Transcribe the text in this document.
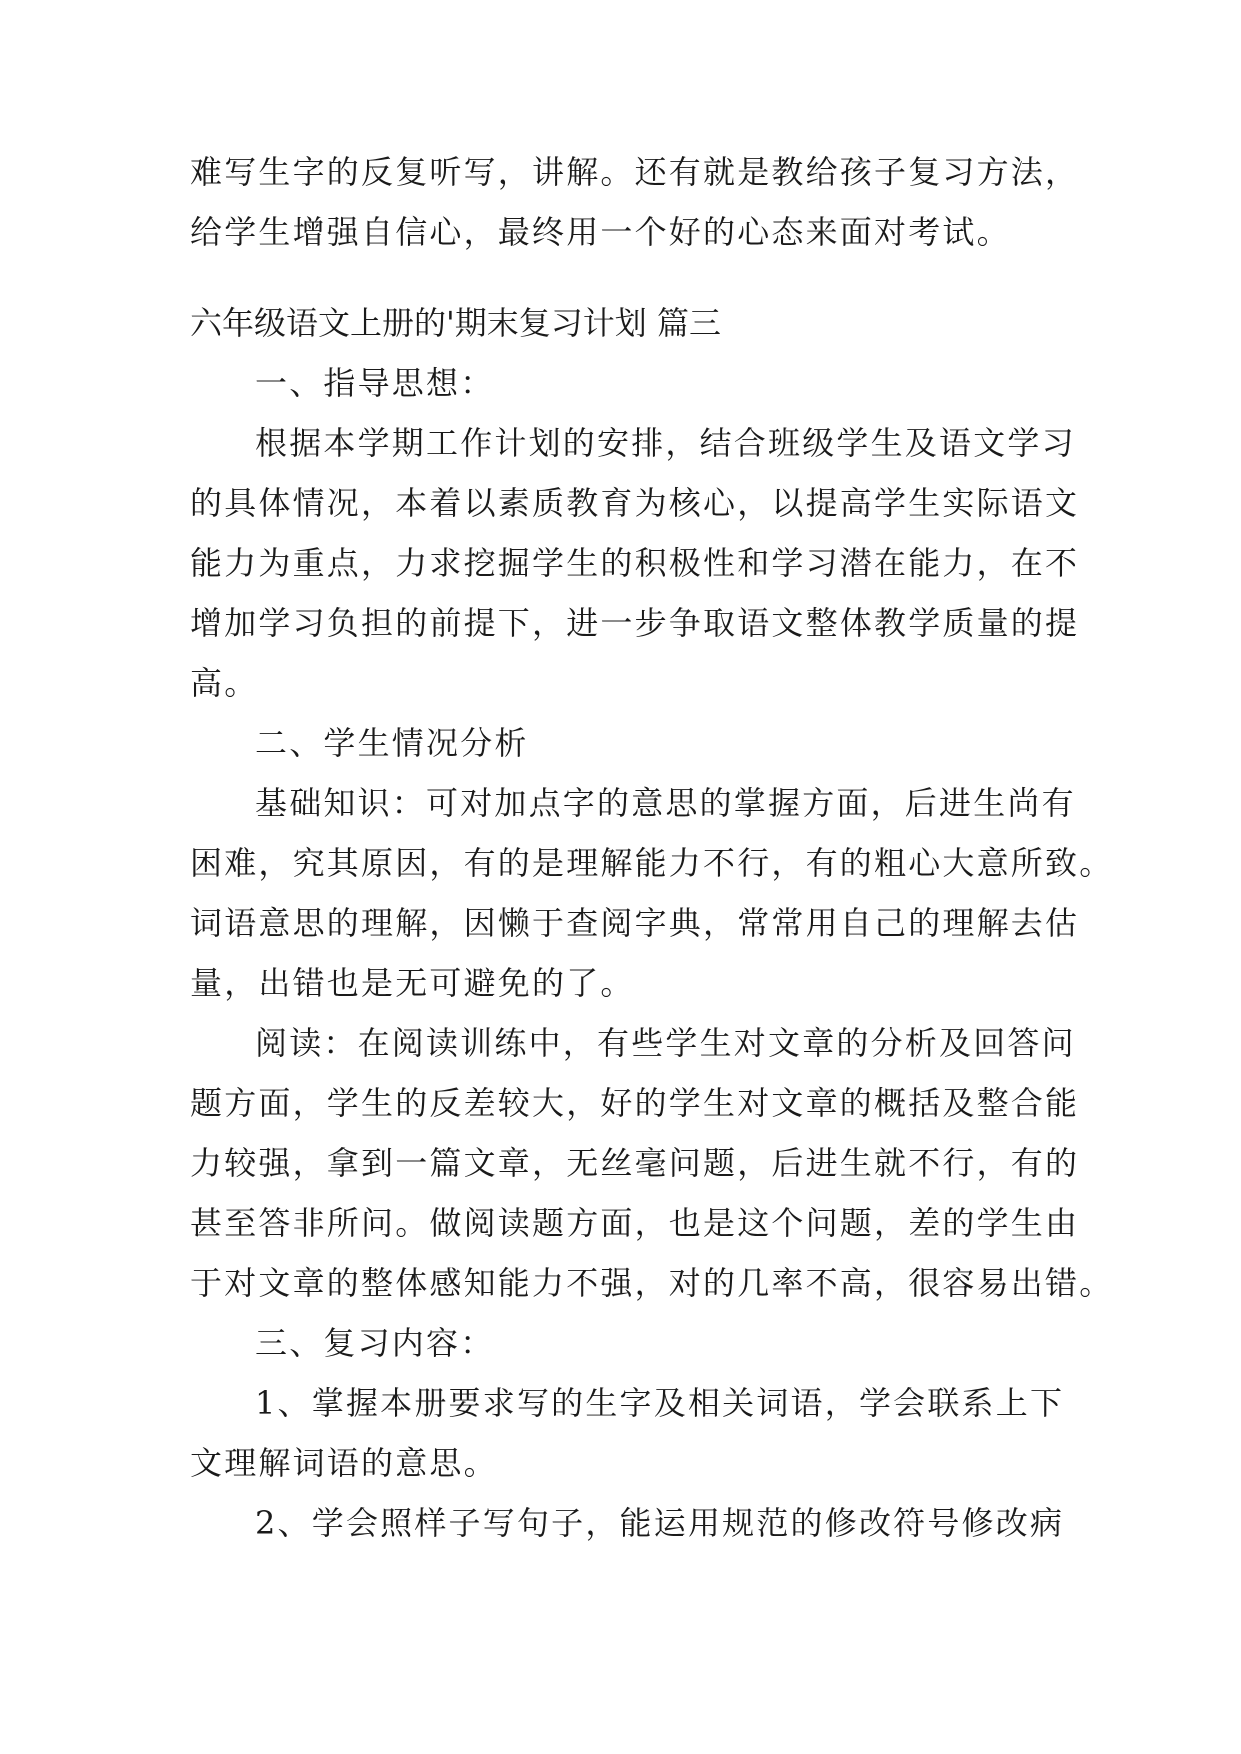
难写生字的反复听写，讲解。还有就是教给孩子复习方法，

给学生增强自信心，最终用一个好的心态来面对考试。

六年级语文上册的'期末复习计划 篇三

一、指导思想：

根据本学期工作计划的安排，结合班级学生及语文学习

的具体情况，本着以素质教育为核心，以提高学生实际语文

能力为重点，力求挖掘学生的积极性和学习潜在能力，在不

增加学习负担的前提下，进一步争取语文整体教学质量的提

高。

二、学生情况分析

基础知识：可对加点字的意思的掌握方面，后进生尚有

困难，究其原因，有的是理解能力不行，有的粗心大意所致。

词语意思的理解，因懒于查阅字典，常常用自己的理解去估

量，出错也是无可避免的了。

阅读：在阅读训练中，有些学生对文章的分析及回答问

题方面，学生的反差较大，好的学生对文章的概括及整合能

力较强，拿到一篇文章，无丝毫问题，后进生就不行，有的

甚至答非所问。做阅读题方面，也是这个问题，差的学生由

于对文章的整体感知能力不强，对的几率不高，很容易出错。

三、复习内容：

1、掌握本册要求写的生字及相关词语，学会联系上下

文理解词语的意思。

2、学会照样子写句子，能运用规范的修改符号修改病
